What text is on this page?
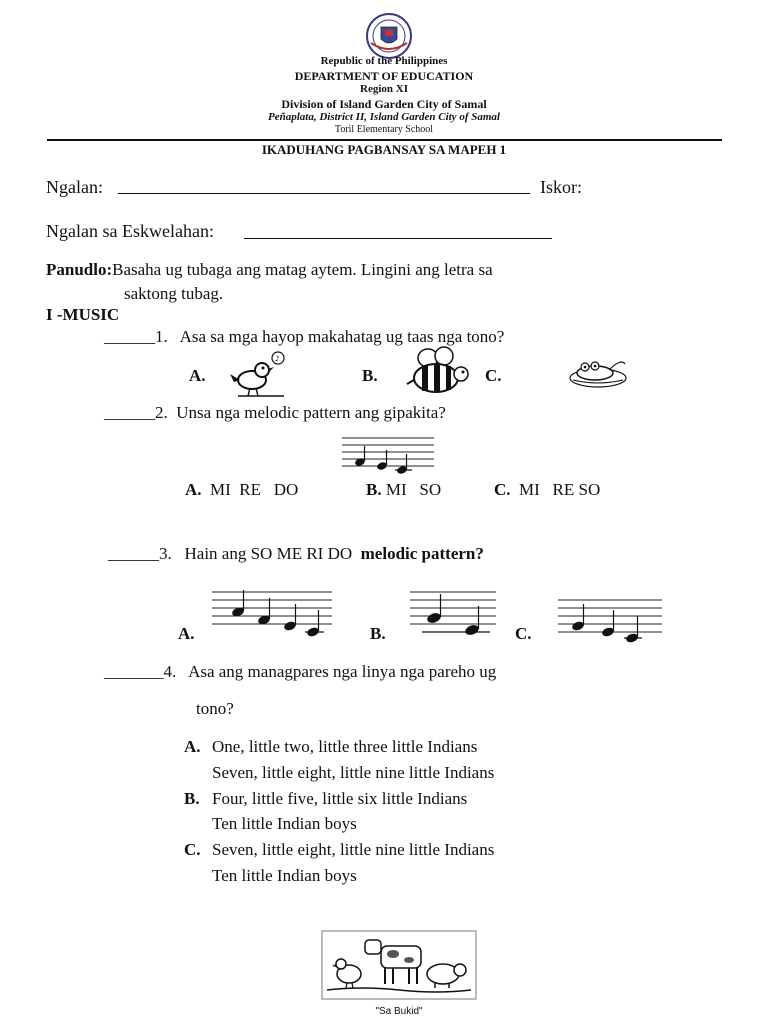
Republic of the Philippines
DEPARTMENT OF EDUCATION
Region XI
Division of Island Garden City of Samal
Peñaplata, District II, Island Garden City of Samal
Toril Elementary School
IKADUHANG PAGBANSAY SA MAPEH 1
Ngalan:	Iskor:
Ngalan sa Eskwelahan:
Panudlo:Basaha ug tubaga ang matag aytem. Lingini ang letra sa
saktong tubag.
I -MUSIC
______1. Asa sa mga hayop makahatag ug taas nga tono?
A.
♪
B.	C.
______2. Unsa nga melodic pattern ang gipakita?
A. MI  RE   DO	B. MI   SO	C. MI   RE SO
______3. Hain ang SO ME RI DO melodic pattern?
A.	B.	C.
_______4. Asa ang managpares nga linya nga pareho ug
tono?
A. One, little two, little three little Indians
Seven, little eight, little nine little Indians
B. Four, little five, little six little Indians
Ten little Indian boys
C. Seven, little eight, little nine little Indians
Ten little Indian boys
"Sa Bukid"
